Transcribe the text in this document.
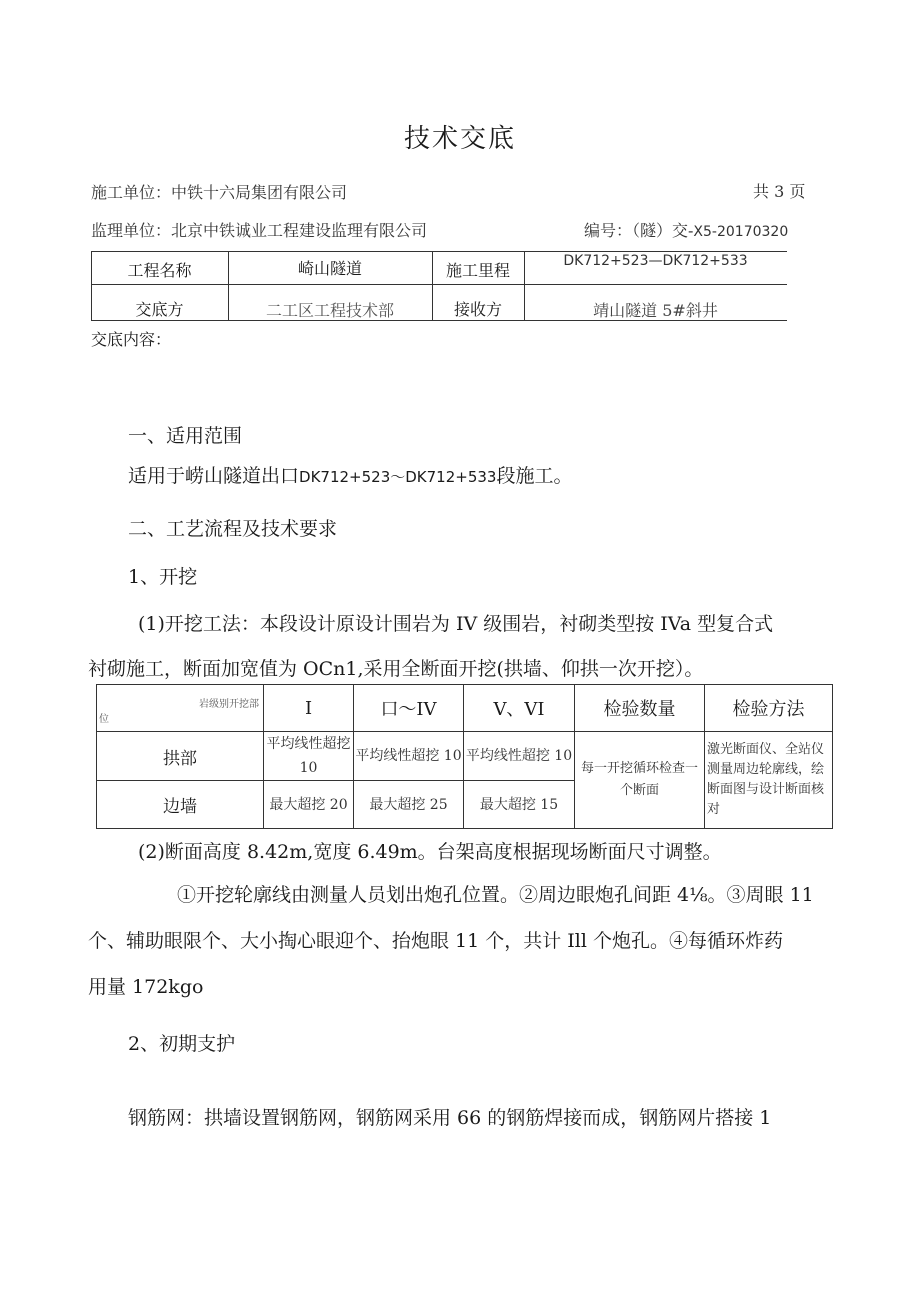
技术交底
施工单位：中铁十六局集团有限公司	共 3 页
监理单位：北京中铁诚业工程建设监理有限公司	编号：（隧）交-X5-20170320
工程名称	崎山隧道	施工里程	DK712+523—DK712+533
交底方	二工区工程技术部	接收方	靖山隧道 5#斜井
交底内容：
一、适用范围
适用于崂山隧道出口DK712+523～DK712+533段施工。
二、工艺流程及技术要求
1、开挖
(1)开挖工法：本段设计原设计围岩为 IV 级围岩，衬砌类型按 IVa 型复合式
衬砌施工，断面加宽值为 OCn1,采用全断面开挖(拱墙、仰拱一次开挖）。
岩级别开挖部
位	I	口～IV	V、VI	检验数量	检验方法
拱部	平均线性超挖 10	平均线性超挖 10	平均线性超挖 10	每一开挖循环检查一个断面	激光断面仪、全站仪测量周边轮廓线，绘断面图与设计断面核对
边墙	最大超挖 20	最大超挖 25	最大超挖 15		
(2)断面高度 8.42m,宽度 6.49m。台架高度根据现场断面尺寸调整。
①开挖轮廓线由测量人员划出炮孔位置。②周边眼炮孔间距 4⅛。③周眼 11
个、辅助眼限个、大小掏心眼迎个、抬炮眼 11 个，共计 Ill 个炮孔。④每循环炸药
用量 172kgo
2、初期支护
钢筋网：拱墙设置钢筋网，钢筋网采用 66 的钢筋焊接而成，钢筋网片搭接 1
